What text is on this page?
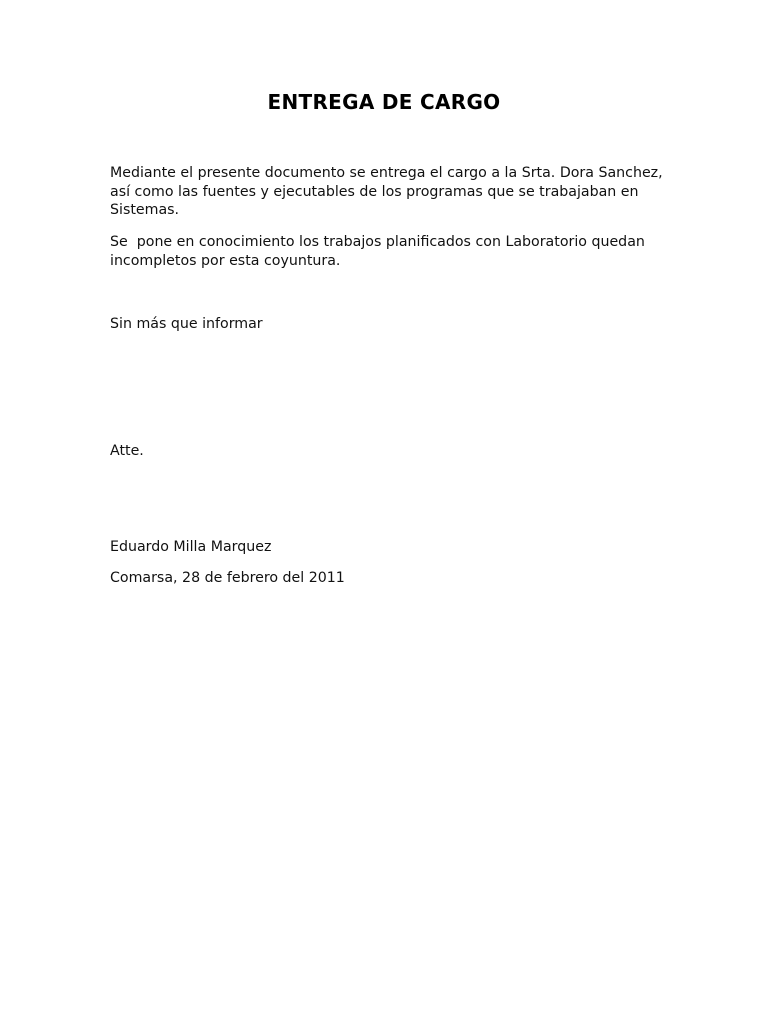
ENTREGA DE CARGO

Mediante el presente documento se entrega el cargo a la Srta. Dora Sanchez, así como las fuentes y ejecutables de los programas que se trabajaban en Sistemas.

Se  pone en conocimiento los trabajos planificados con Laboratorio quedan incompletos por esta coyuntura.

Sin más que informar

Atte.

Eduardo Milla Marquez

Comarsa, 28 de febrero del 2011
